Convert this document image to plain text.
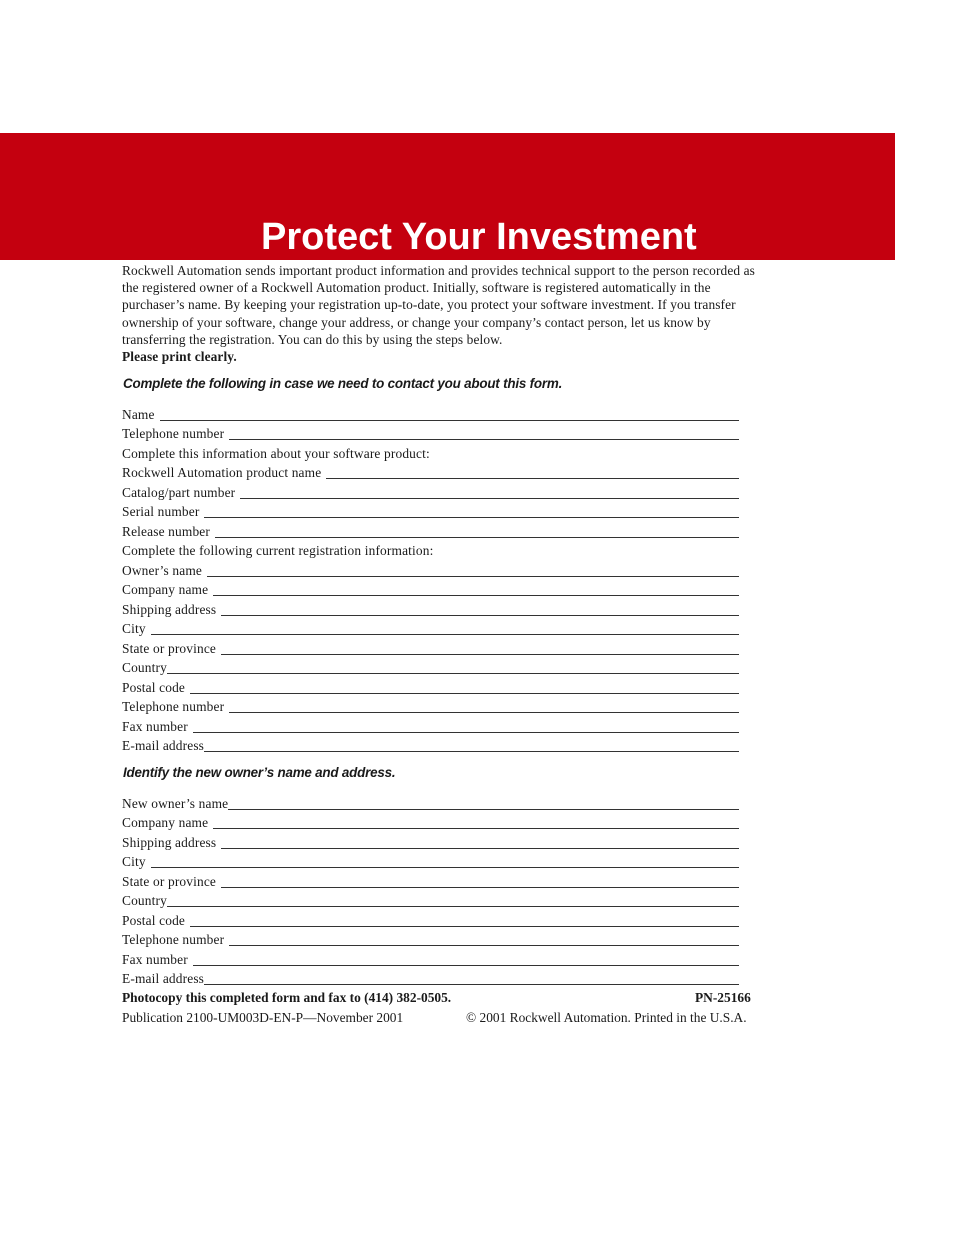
Protect Your Investment

Rockwell Automation sends important product information and provides technical support to the person recorded as the registered owner of a Rockwell Automation product. Initially, software is registered automatically in the purchaser’s name. By keeping your registration up-to-date, you protect your software investment. If you transfer ownership of your software, change your address, or change your company’s contact person, let us know by transferring the registration. You can do this by using the steps below.
Please print clearly.

Complete the following in case we need to contact you about this form.
Name
Telephone number
Complete this information about your software product:
Rockwell Automation product name
Catalog/part number
Serial number
Release number
Complete the following current registration information:
Owner’s name
Company name
Shipping address
City
State or province
Country
Postal code
Telephone number
Fax number
E-mail address
Identify the new owner’s name and address.
New owner’s name
Company name
Shipping address
City
State or province
Country
Postal code
Telephone number
Fax number
E-mail address

Photocopy this completed form and fax to (414) 382-0505.	PN-25166

Publication 2100-UM003D-EN-P—November 2001	© 2001 Rockwell Automation. Printed in the U.S.A.
